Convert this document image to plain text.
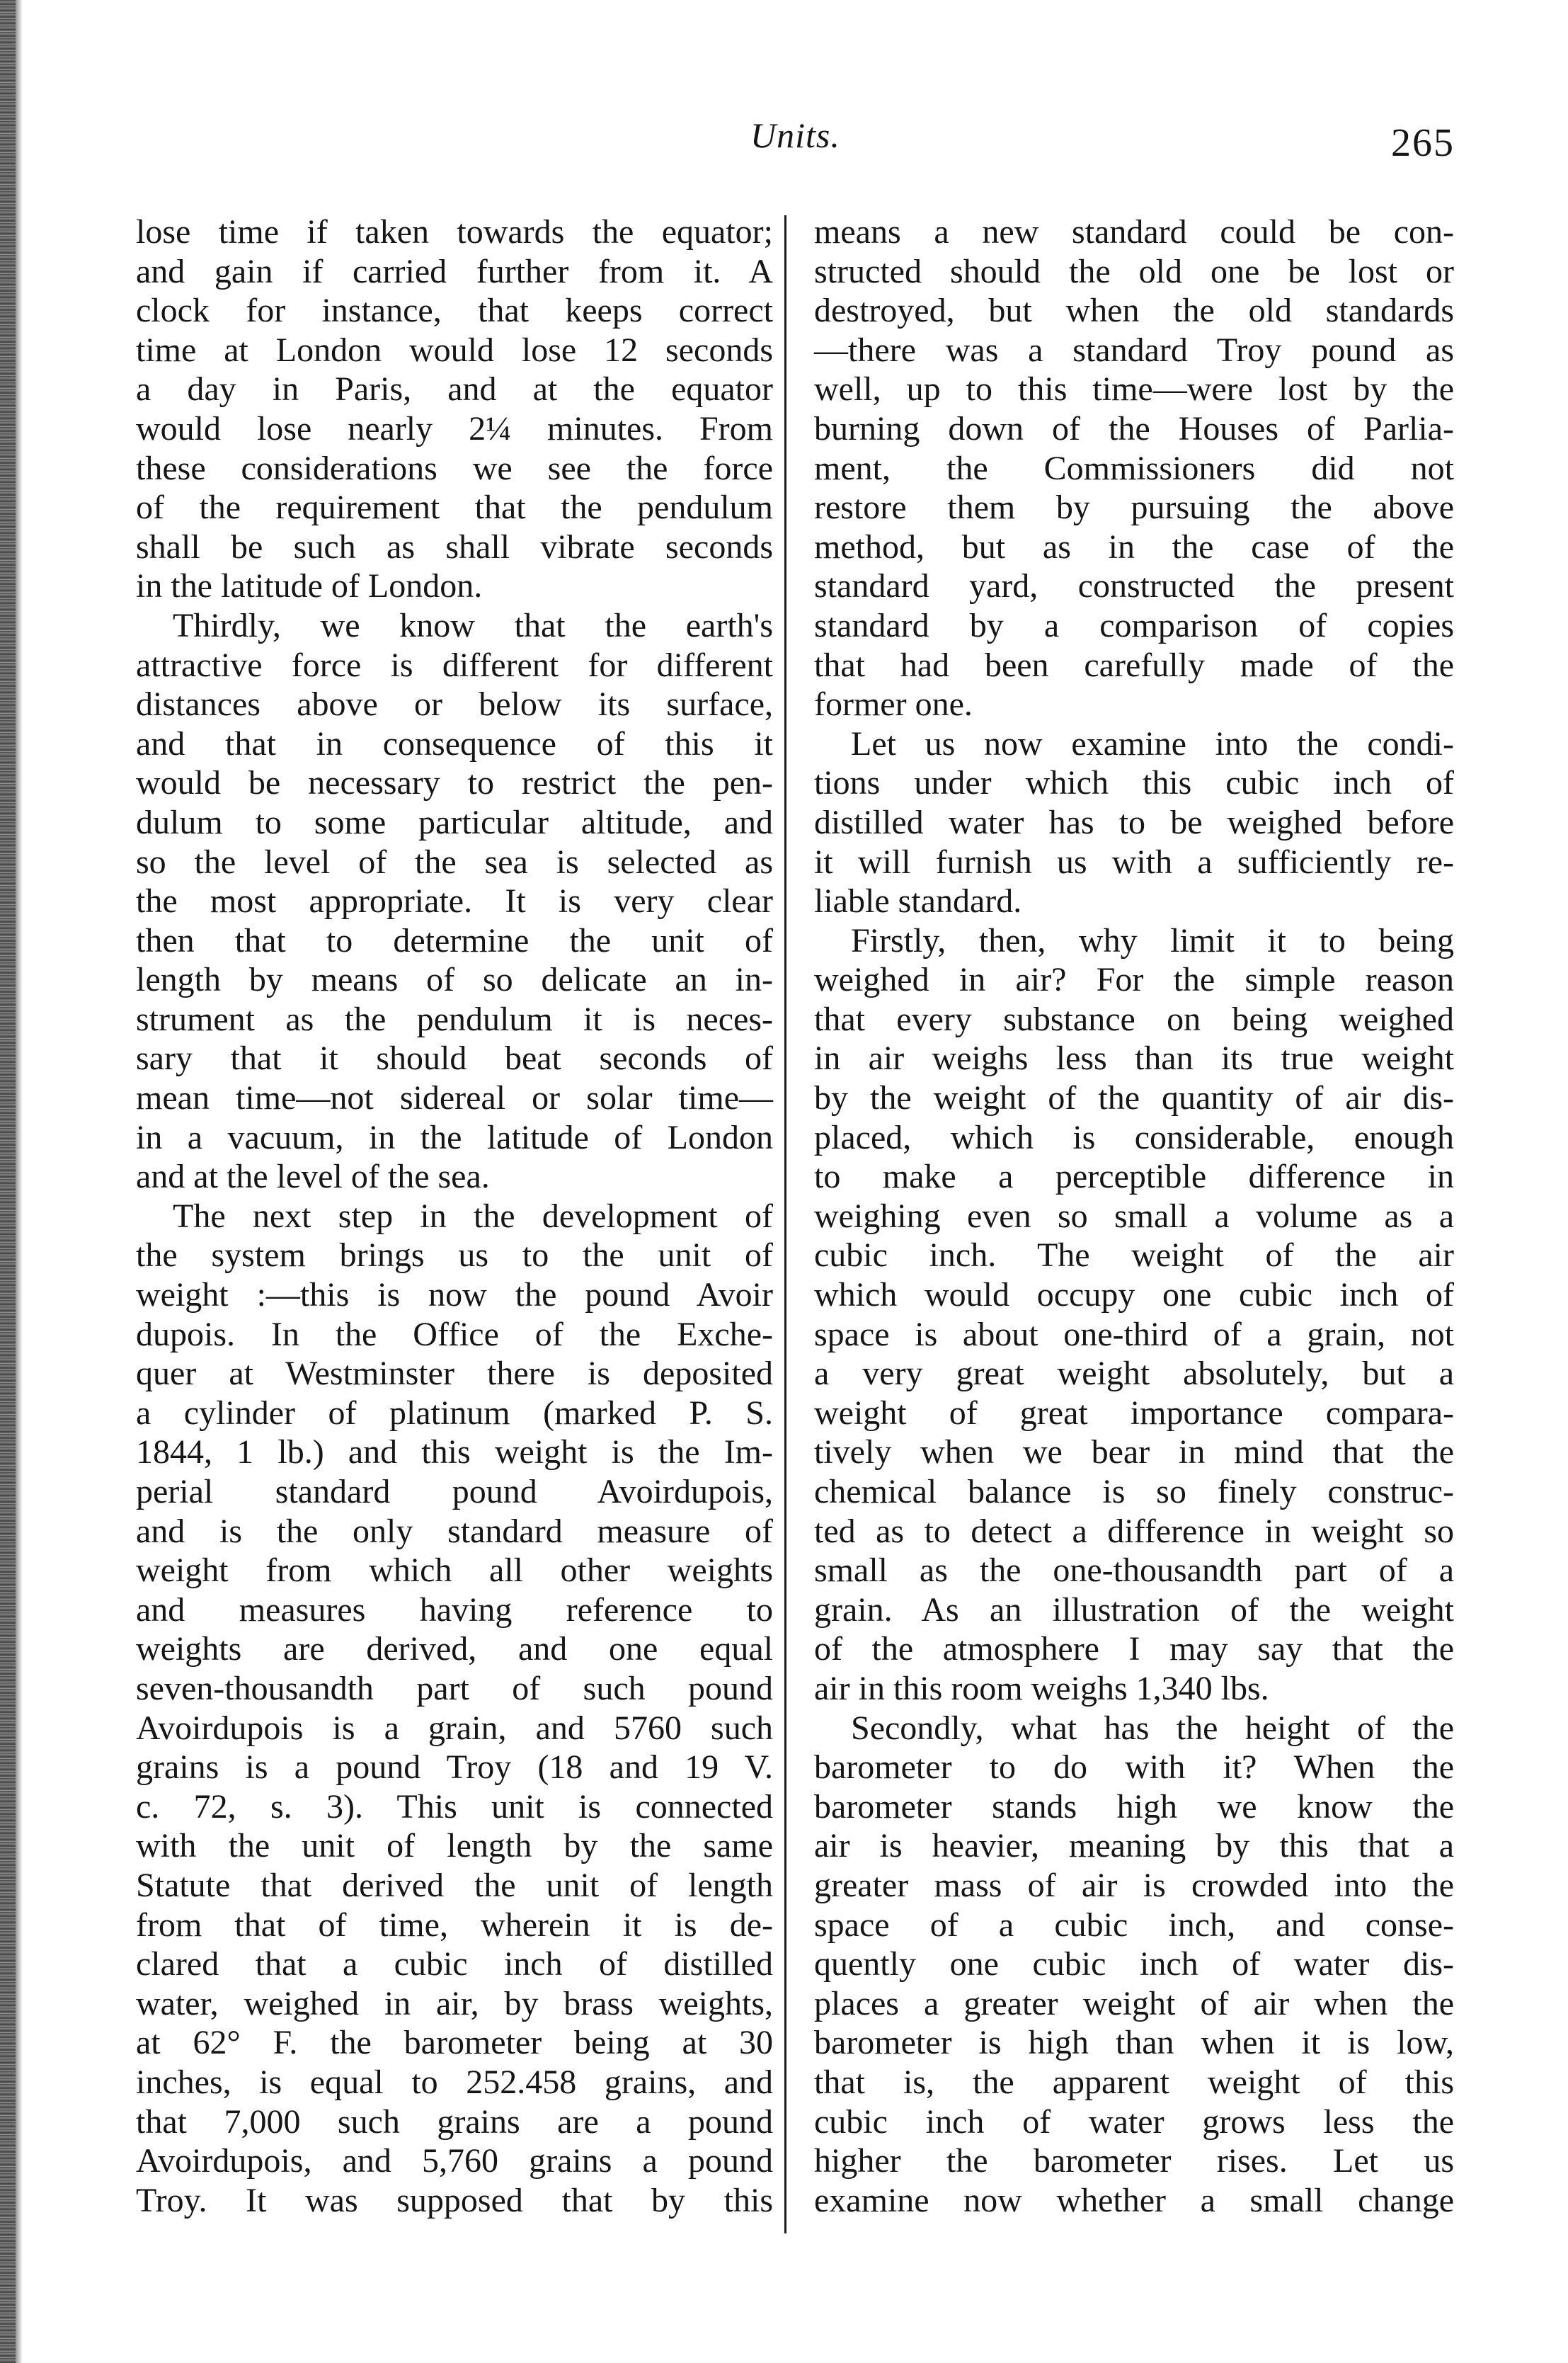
Units.	265
lose time if taken towards the equator;
and gain if carried further from it. A
clock for instance, that keeps correct
time at London would lose 12 seconds
a day in Paris, and at the equator
would lose nearly 2¼ minutes. From
these considerations we see the force
of the requirement that the pendulum
shall be such as shall vibrate seconds
in the latitude of London.
Thirdly, we know that the earth's
attractive force is different for different
distances above or below its surface,
and that in consequence of this it
would be necessary to restrict the pen-
dulum to some particular altitude, and
so the level of the sea is selected as
the most appropriate. It is very clear
then that to determine the unit of
length by means of so delicate an in-
strument as the pendulum it is neces-
sary that it should beat seconds of
mean time—not sidereal or solar time—
in a vacuum, in the latitude of London
and at the level of the sea.
The next step in the development of
the system brings us to the unit of
weight :—this is now the pound Avoir
dupois. In the Office of the Exche-
quer at Westminster there is deposited
a cylinder of platinum (marked P. S.
1844, 1 lb.) and this weight is the Im-
perial standard pound Avoirdupois,
and is the only standard measure of
weight from which all other weights
and measures having reference to
weights are derived, and one equal
seven-thousandth part of such pound
Avoirdupois is a grain, and 5760 such
grains is a pound Troy (18 and 19 V.
c. 72, s. 3). This unit is connected
with the unit of length by the same
Statute that derived the unit of length
from that of time, wherein it is de-
clared that a cubic inch of distilled
water, weighed in air, by brass weights,
at 62° F. the barometer being at 30
inches, is equal to 252.458 grains, and
that 7,000 such grains are a pound
Avoirdupois, and 5,760 grains a pound
Troy. It was supposed that by this
means a new standard could be con-
structed should the old one be lost or
destroyed, but when the old standards
—there was a standard Troy pound as
well, up to this time—were lost by the
burning down of the Houses of Parlia-
ment, the Commissioners did not
restore them by pursuing the above
method, but as in the case of the
standard yard, constructed the present
standard by a comparison of copies
that had been carefully made of the
former one.
Let us now examine into the condi-
tions under which this cubic inch of
distilled water has to be weighed before
it will furnish us with a sufficiently re-
liable standard.
Firstly, then, why limit it to being
weighed in air? For the simple reason
that every substance on being weighed
in air weighs less than its true weight
by the weight of the quantity of air dis-
placed, which is considerable, enough
to make a perceptible difference in
weighing even so small a volume as a
cubic inch. The weight of the air
which would occupy one cubic inch of
space is about one-third of a grain, not
a very great weight absolutely, but a
weight of great importance compara-
tively when we bear in mind that the
chemical balance is so finely construc-
ted as to detect a difference in weight so
small as the one-thousandth part of a
grain. As an illustration of the weight
of the atmosphere I may say that the
air in this room weighs 1,340 lbs.
Secondly, what has the height of the
barometer to do with it? When the
barometer stands high we know the
air is heavier, meaning by this that a
greater mass of air is crowded into the
space of a cubic inch, and conse-
quently one cubic inch of water dis-
places a greater weight of air when the
barometer is high than when it is low,
that is, the apparent weight of this
cubic inch of water grows less the
higher the barometer rises. Let us
examine now whether a small change
